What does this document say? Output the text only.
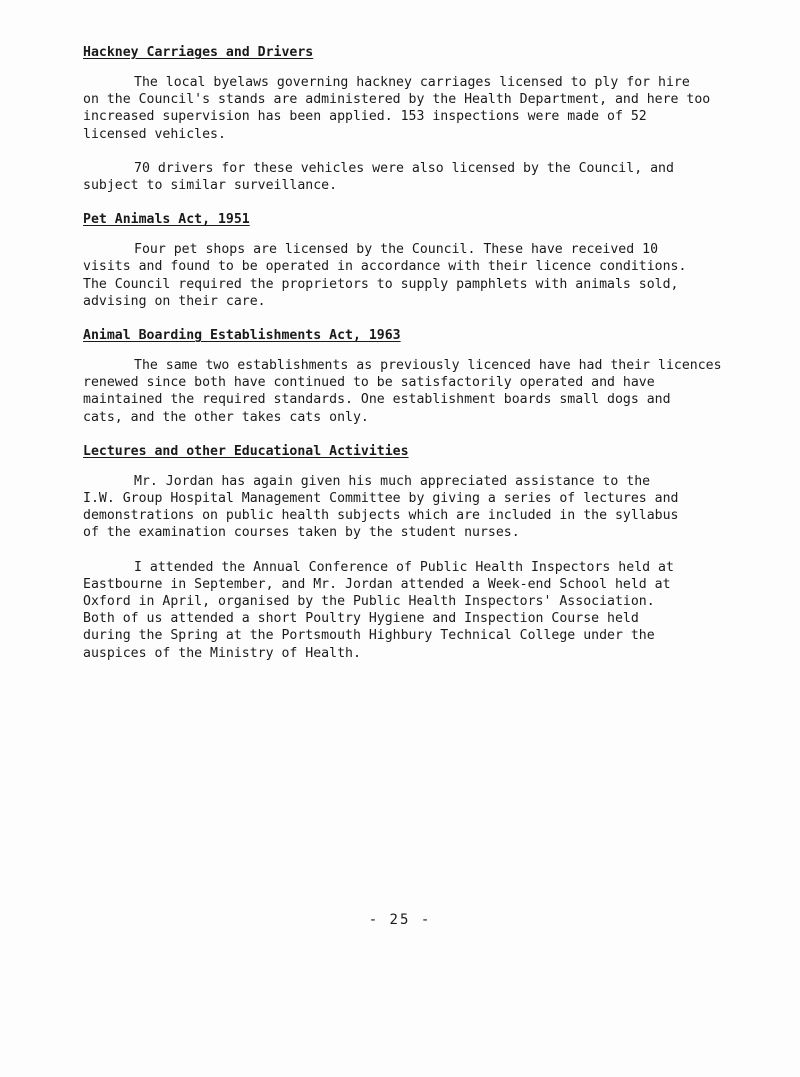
Hackney Carriages and Drivers
The local byelaws governing hackney carriages licensed to ply for hire
on the Council's stands are administered by the Health Department, and here too
increased supervision has been applied. 153 inspections were made of 52
licensed vehicles.
70 drivers for these vehicles were also licensed by the Council, and
subject to similar surveillance.
Pet Animals Act, 1951
Four pet shops are licensed by the Council. These have received 10
visits and found to be operated in accordance with their licence conditions.
The Council required the proprietors to supply pamphlets with animals sold,
advising on their care.
Animal Boarding Establishments Act, 1963
The same two establishments as previously licenced have had their licences
renewed since both have continued to be satisfactorily operated and have
maintained the required standards. One establishment boards small dogs and
cats, and the other takes cats only.
Lectures and other Educational Activities
Mr. Jordan has again given his much appreciated assistance to the
I.W. Group Hospital Management Committee by giving a series of lectures and
demonstrations on public health subjects which are included in the syllabus
of the examination courses taken by the student nurses.
I attended the Annual Conference of Public Health Inspectors held at
Eastbourne in September, and Mr. Jordan attended a Week-end School held at
Oxford in April, organised by the Public Health Inspectors' Association.
Both of us attended a short Poultry Hygiene and Inspection Course held
during the Spring at the Portsmouth Highbury Technical College under the
auspices of the Ministry of Health.
- 25 -
